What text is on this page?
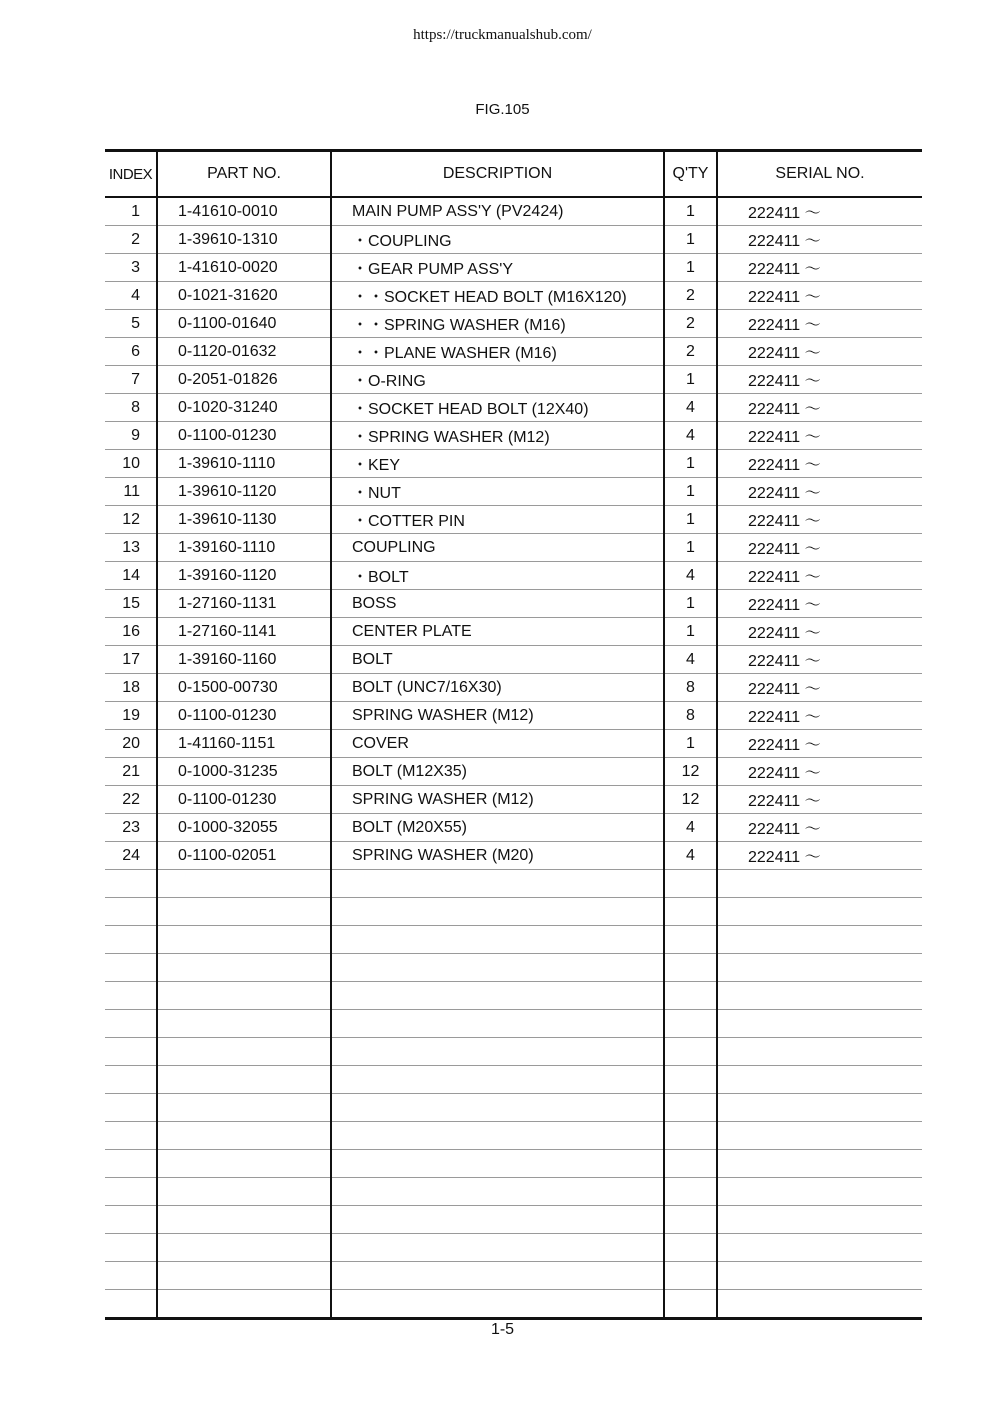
https://truckmanualshub.com/
FIG.105
INDEX	PART NO.	DESCRIPTION	Q'TY	SERIAL NO.
1	1-41610-0010	MAIN PUMP ASS'Y (PV2424)	1	222411 ～
2	1-39610-1310	・COUPLING	1	222411 ～
3	1-41610-0020	・GEAR PUMP ASS'Y	1	222411 ～
4	0-1021-31620	・・SOCKET HEAD BOLT (M16X120)	2	222411 ～
5	0-1100-01640	・・SPRING WASHER (M16)	2	222411 ～
6	0-1120-01632	・・PLANE WASHER (M16)	2	222411 ～
7	0-2051-01826	・O-RING	1	222411 ～
8	0-1020-31240	・SOCKET HEAD BOLT (12X40)	4	222411 ～
9	0-1100-01230	・SPRING WASHER (M12)	4	222411 ～
10	1-39610-1110	・KEY	1	222411 ～
11	1-39610-1120	・NUT	1	222411 ～
12	1-39610-1130	・COTTER PIN	1	222411 ～
13	1-39160-1110	COUPLING	1	222411 ～
14	1-39160-1120	・BOLT	4	222411 ～
15	1-27160-1131	BOSS	1	222411 ～
16	1-27160-1141	CENTER PLATE	1	222411 ～
17	1-39160-1160	BOLT	4	222411 ～
18	0-1500-00730	BOLT (UNC7/16X30)	8	222411 ～
19	0-1100-01230	SPRING WASHER (M12)	8	222411 ～
20	1-41160-1151	COVER	1	222411 ～
21	0-1000-31235	BOLT (M12X35)	12	222411 ～
22	0-1100-01230	SPRING WASHER (M12)	12	222411 ～
23	0-1000-32055	BOLT (M20X55)	4	222411 ～
24	0-1100-02051	SPRING WASHER (M20)	4	222411 ～

1-5
